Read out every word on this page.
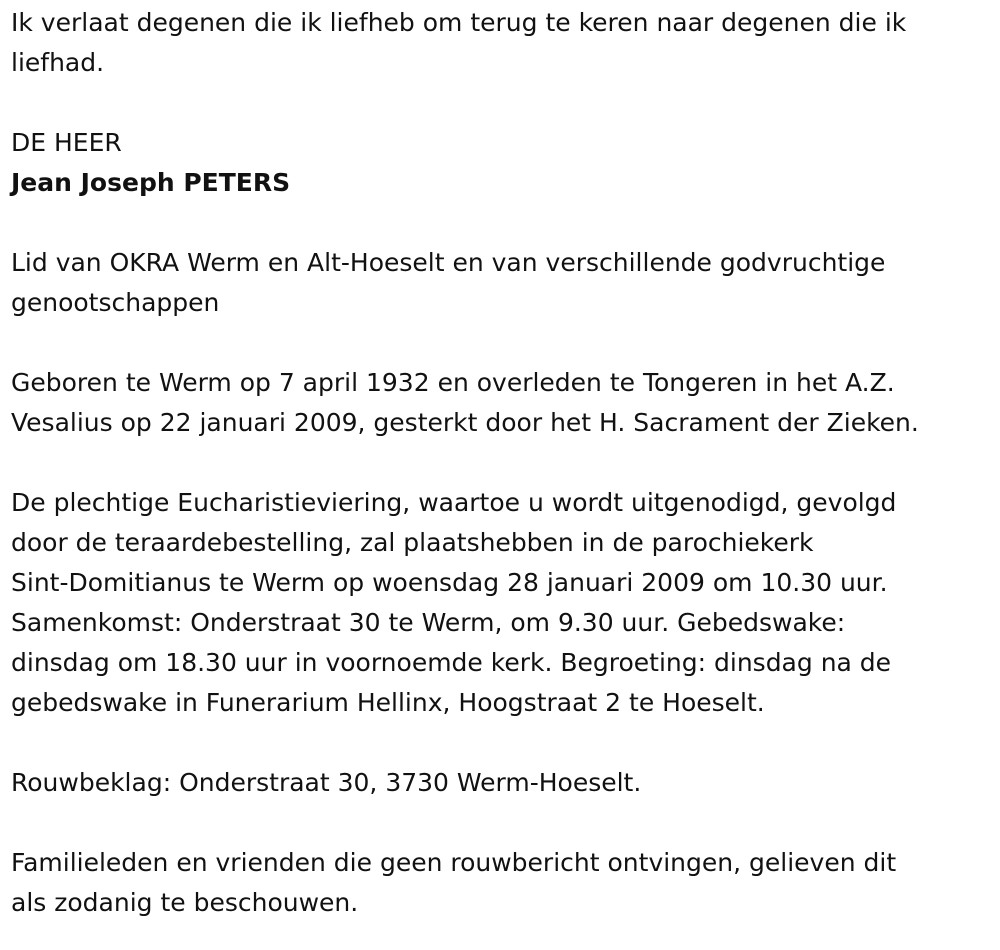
Ik verlaat degenen die ik liefheb om terug te keren naar degenen die ik
liefhad.

DE HEER

Jean Joseph PETERS

Lid van OKRA Werm en Alt-Hoeselt en van verschillende godvruchtige
genootschappen

Geboren te Werm op 7 april 1932 en overleden te Tongeren in het A.Z.
Vesalius op 22 januari 2009, gesterkt door het H. Sacrament der Zieken.

De plechtige Eucharistieviering, waartoe u wordt uitgenodigd, gevolgd
door de teraardebestelling, zal plaatshebben in de parochiekerk
Sint-Domitianus te Werm op woensdag 28 januari 2009 om 10.30 uur.
Samenkomst: Onderstraat 30 te Werm, om 9.30 uur. Gebedswake:
dinsdag om 18.30 uur in voornoemde kerk. Begroeting: dinsdag na de
gebedswake in Funerarium Hellinx, Hoogstraat 2 te Hoeselt.

Rouwbeklag: Onderstraat 30, 3730 Werm-Hoeselt.

Familieleden en vrienden die geen rouwbericht ontvingen, gelieven dit
als zodanig te beschouwen.
